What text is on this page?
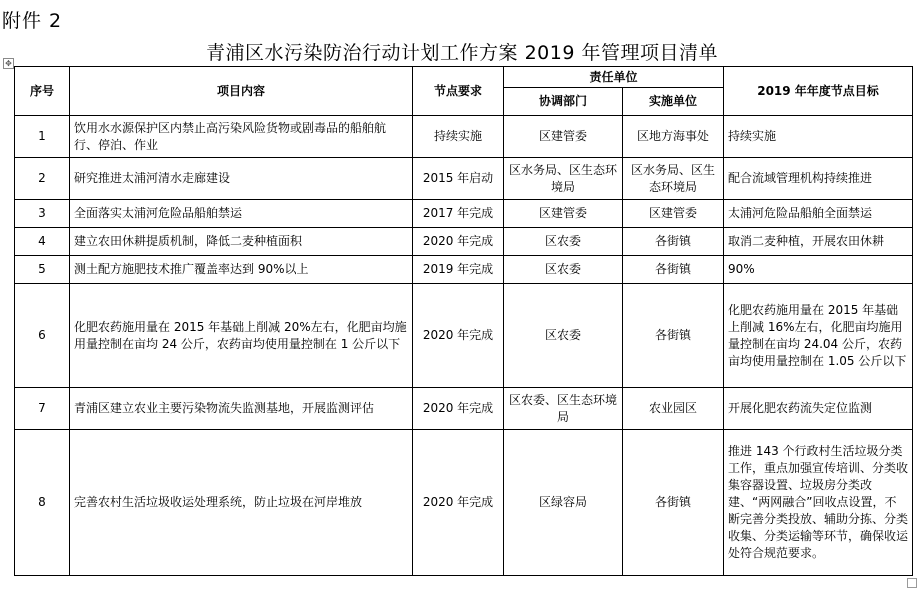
附件 2
✥	青浦区水污染防治行动计划工作方案 2019 年管理项目清单
序号	项目内容	节点要求	责任单位		2019 年年度节点目标
			协调部门	实施单位	
1	饮用水水源保护区内禁止高污染风险货物或剧毒品的船舶航行、停泊、作业	持续实施	区建管委	区地方海事处	持续实施
2	研究推进太浦河清水走廊建设	2015 年启动	区水务局、区生态环境局	区水务局、区生态环境局	配合流域管理机构持续推进
3	全面落实太浦河危险品船舶禁运	2017 年完成	区建管委	区建管委	太浦河危险品船舶全面禁运
4	建立农田休耕提质机制，降低二麦种植面积	2020 年完成	区农委	各街镇	取消二麦种植，开展农田休耕
5	测土配方施肥技术推广覆盖率达到 90%以上	2019 年完成	区农委	各街镇	90%
6	化肥农药施用量在 2015 年基础上削减 20%左右，化肥亩均施用量控制在亩均 24 公斤，农药亩均使用量控制在 1 公斤以下	2020 年完成	区农委	各街镇	化肥农药施用量在 2015 年基础上削减 16%左右，化肥亩均施用量控制在亩均 24.04 公斤，农药亩均使用量控制在 1.05 公斤以下
7	青浦区建立农业主要污染物流失监测基地，开展监测评估	2020 年完成	区农委、区生态环境局	农业园区	开展化肥农药流失定位监测
8	完善农村生活垃圾收运处理系统，防止垃圾在河岸堆放	2020 年完成	区绿容局	各街镇	推进 143 个行政村生活垃圾分类工作，重点加强宣传培训、分类收集容器设置、垃圾房分类改建、“两网融合”回收点设置，不断完善分类投放、辅助分拣、分类收集、分类运输等环节，确保收运处符合规范要求。
